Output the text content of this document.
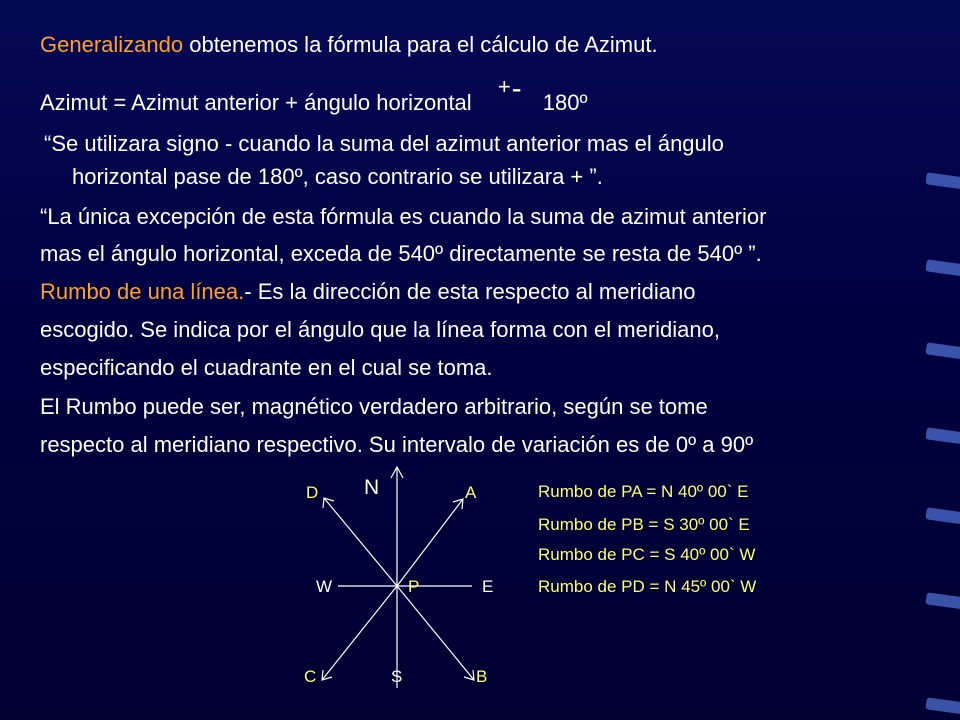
Generalizando obtenemos la fórmula para el cálculo de Azimut.
Azimut = Azimut anterior + ángulo horizontal +- 180º
“Se utilizara signo - cuando la suma del azimut anterior mas el ángulo
horizontal pase de 180º, caso contrario se utilizara + ”.
“La única excepción de esta fórmula es cuando la suma de azimut anterior
mas el ángulo horizontal, exceda de 540º directamente se resta de 540º ”.
Rumbo de una línea.- Es la dirección de esta respecto al meridiano
escogido. Se indica por el ángulo que la línea forma con el meridiano,
especificando el cuadrante en el cual se toma.
El Rumbo puede ser, magnético verdadero arbitrario, según se tome
respecto al meridiano respectivo. Su intervalo de variación es de 0º a 90º
D N	A
W	P	E
C	S	B
Rumbo de PA = N 40º 00` E
Rumbo de PB = S 30º 00` E
Rumbo de PC = S 40º 00` W
Rumbo de PD = N 45º 00` W
